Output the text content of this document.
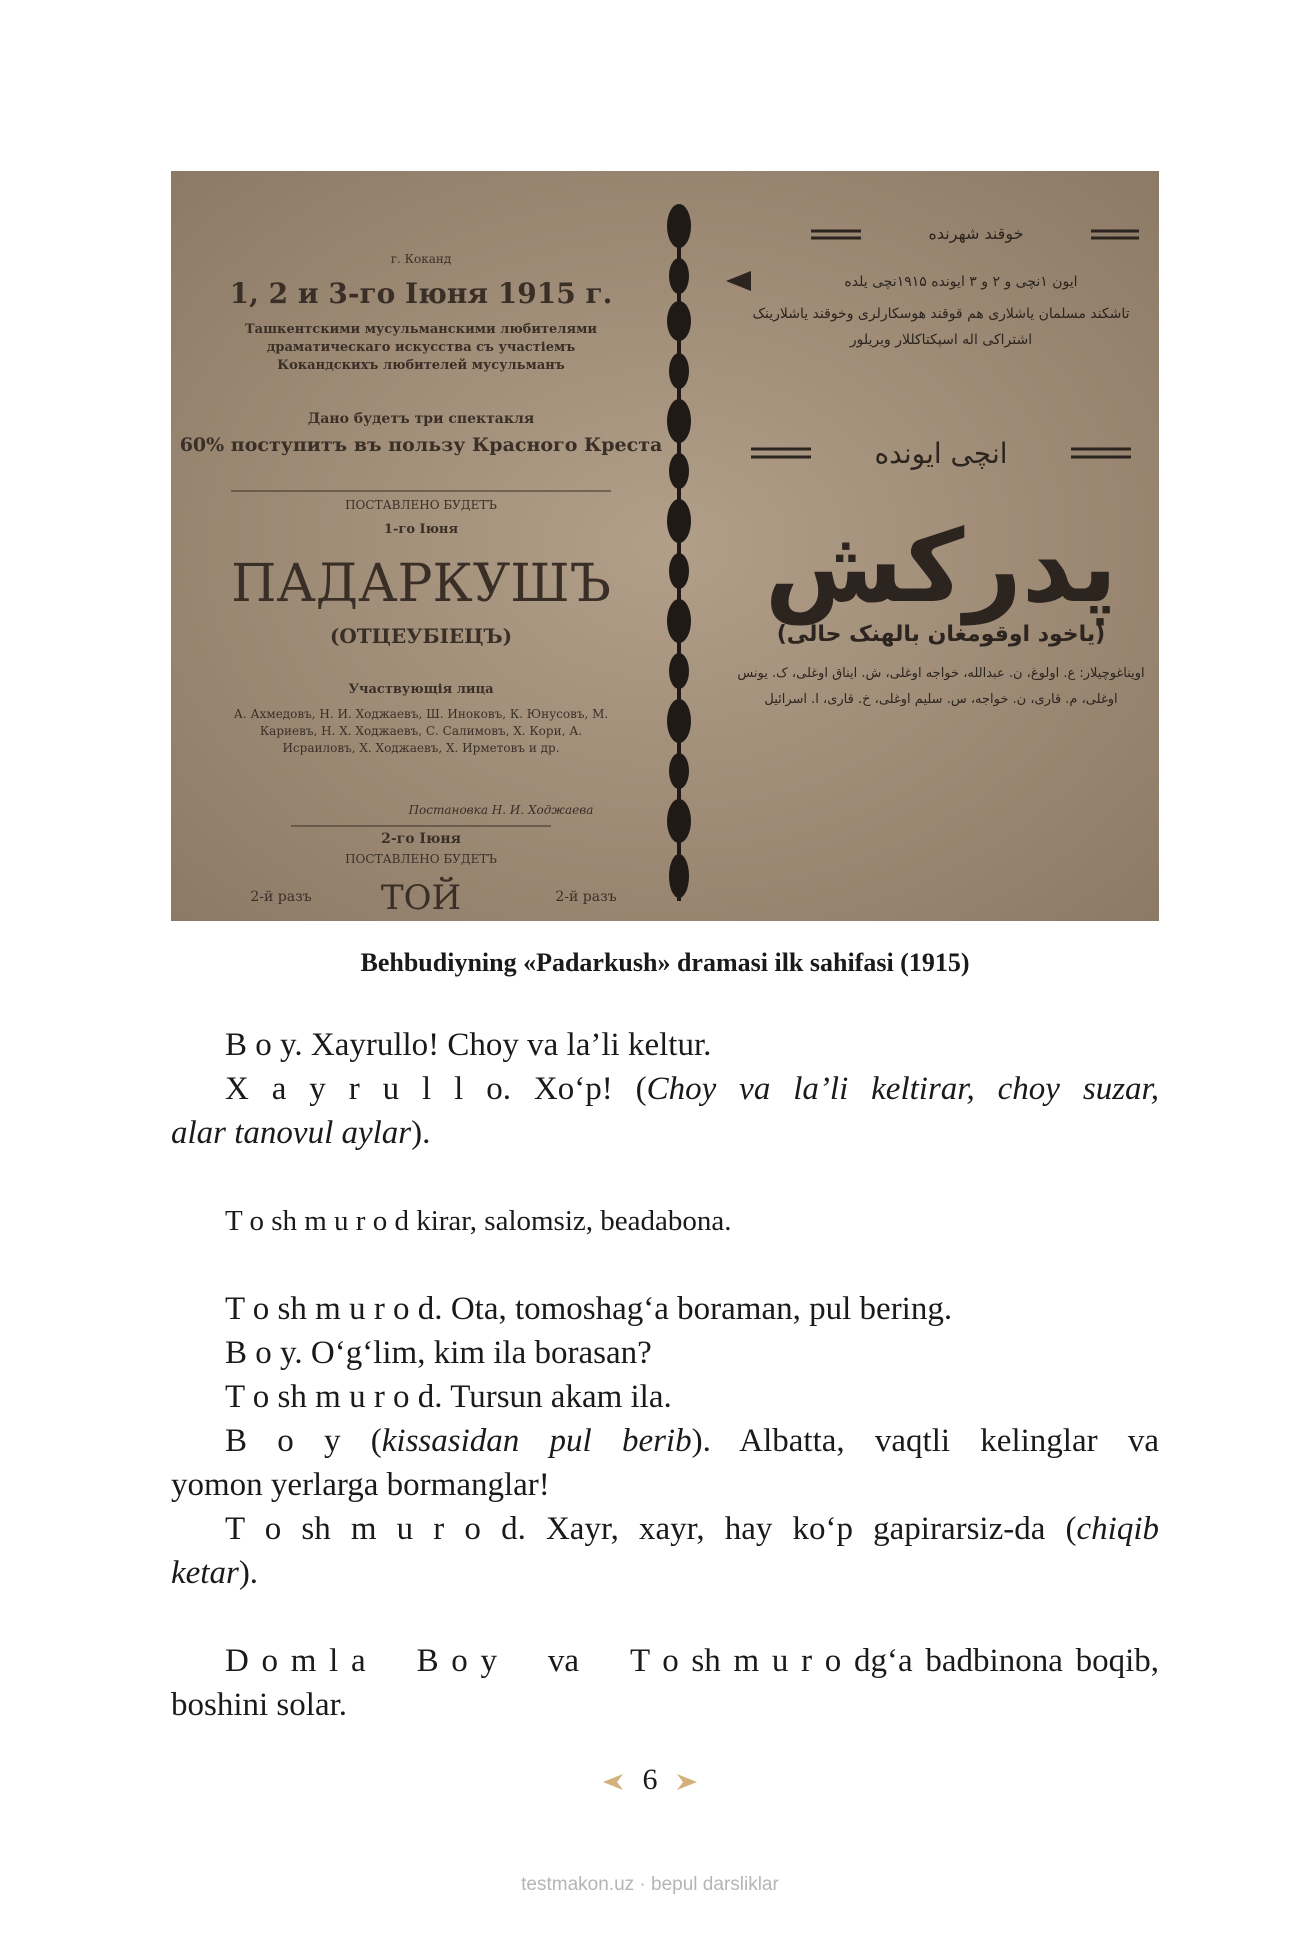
г. Коканд
1, 2 и 3-го Іюня 1915 г.
Ташкентскими мусульманскими любителями драматическаго искусства съ участіемъ Кокандскихъ любителей мусульманъ
Дано будетъ три спектакля
60% поступитъ въ пользу Красного Креста
ПОСТАВЛЕНО БУДЕТЪ
1-го Іюня
ПАДАРКУШЪ
(ОТЦЕУБІЕЦЪ)
Участвующія лица
А. Ахмедовъ, Н. И. Ходжаевъ, Ш. Иноковъ, К. Юнусовъ, М. Кариевъ, Н. Х. Ходжаевъ, С. Салимовъ, Х. Кори, А. Исраиловъ, Х. Ходжаевъ, Х. Ирметовъ и др.
Постановка Н. И. Ходжаева
2-го Іюня
ПОСТАВЛЕНО БУДЕТЪ
2-й разъ ТОЙ	2-й разъ
خوقند شهرنده
ایون ۱نچی و ۲ و ۳ ایونده ۱۹۱۵نچی یلده
تاشکند مسلمان یاشلاری هم قوقند هوسکارلری وخوقند یاشلارینک اشتراکی اله اسپکتاکللار ویریلور
انچی ایونده
پدرکش
(یاخود اوقومغان بالهنک حالی)
اویناغوچیلار: ع. اولوغ، ن. عبدالله، خواجه اوغلی، ش. ایناق اوغلی، ک. یونس اوغلی، م. قاری، ن. خواجه، س. سلیم اوغلی، خ. قاری، ا. اسرائیل
Behbudiyning «Padarkush» dramasi ilk sahifasi (1915)

B o y. Xayrullo! Choy va la’li keltur.

X a y r u l l o. Xo‘p! (Choy va la’li keltirar, choy suzar,

alar tanovul aylar).

T o sh m u r o d kirar, salomsiz, beadabona.

T o sh m u r o d. Ota, tomoshag‘a boraman, pul bering.

B o y. O‘g‘lim, kim ila borasan?

T o sh m u r o d. Tursun akam ila.

B o y (kissasidan pul berib). Albatta, vaqtli kelinglar va

yomon yerlarga bormanglar!

T o sh m u r o d. Xayr, xayr, hay ko‘p gapirarsiz-da (chiqib

ketar).

D o m l a B o y va T o sh m u r o dg‘a badbinona boqib,

boshini solar.

6
testmakon.uz · bepul darsliklar
